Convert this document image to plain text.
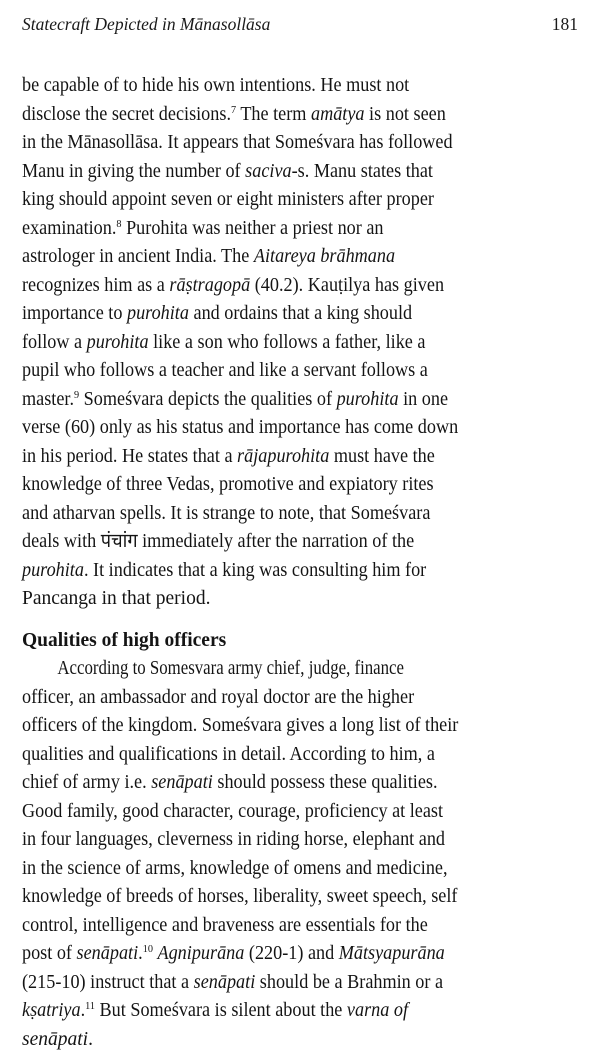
Statecraft Depicted in Mānasollāsa	181
be capable of to hide his own intentions. He must not
disclose the secret decisions.$^7$ The term amātya is not seen
in the Mānasollāsa. It appears that Someśvara has followed
Manu in giving the number of saciva-s. Manu states that
king should appoint seven or eight ministers after proper
examination.$^8$ Purohita was neither a priest nor an
astrologer in ancient India. The Aitareya brāhmana
recognizes him as a rāṣtragopā (40.2). Kauṭilya has given
importance to purohita and ordains that a king should
follow a purohita like a son who follows a father, like a
pupil who follows a teacher and like a servant follows a
master.$^9$ Someśvara depicts the qualities of purohita in one
verse (60) only as his status and importance has come down
in his period. He states that a rājapurohita must have the
knowledge of three Vedas, promotive and expiatory rites
and atharvan spells. It is strange to note, that Someśvara
deals with पंचांग immediately after the narration of the
purohita. It indicates that a king was consulting him for
Pancanga in that period.
Qualities of high officers
According to Somesvara army chief, judge, finance
officer, an ambassador and royal doctor are the higher
officers of the kingdom. Someśvara gives a long list of their
qualities and qualifications in detail. According to him, a
chief of army i.e. senāpati should possess these qualities.
Good family, good character, courage, proficiency at least
in four languages, cleverness in riding horse, elephant and
in the science of arms, knowledge of omens and medicine,
knowledge of breeds of horses, liberality, sweet speech, self
control, intelligence and braveness are essentials for the
post of senāpati.$^{10}$ Agnipurāna (220-1) and Mātsyapurāna
(215-10) instruct that a senāpati should be a Brahmin or a
kṣatriya.$^{11}$ But Someśvara is silent about the varna of
senāpati.
